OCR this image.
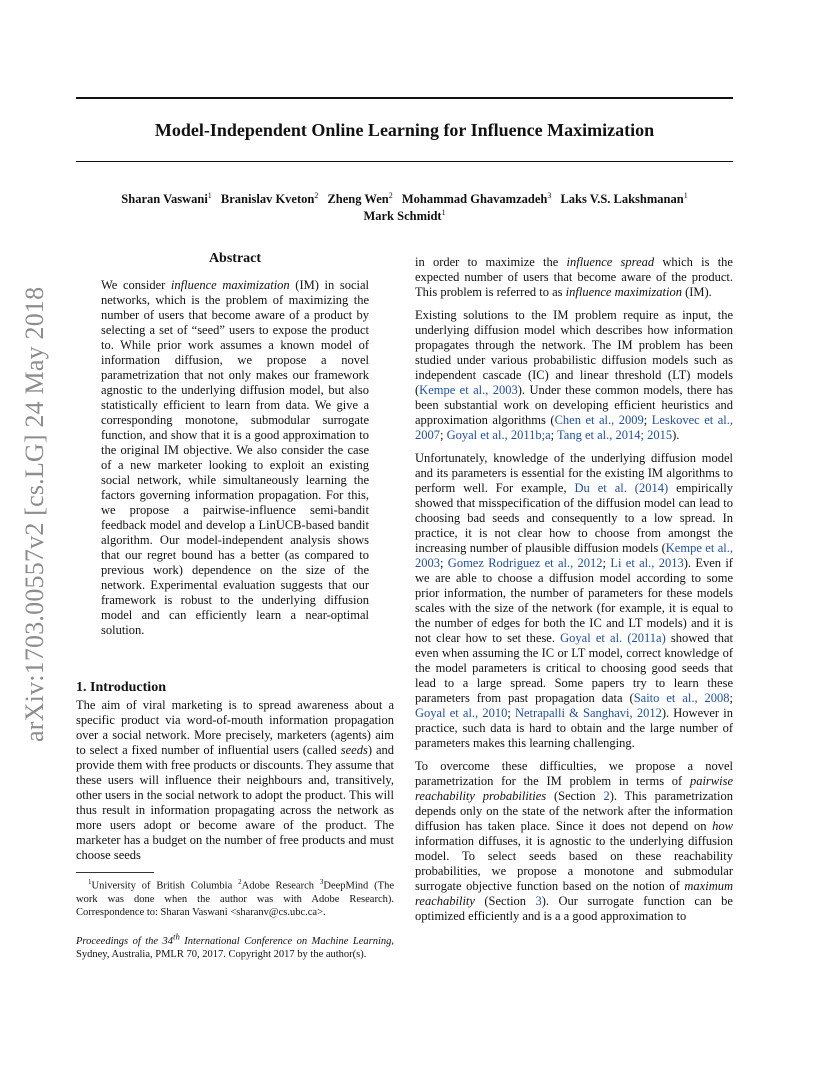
arXiv:1703.00557v2 [cs.LG] 24 May 2018
Model-Independent Online Learning for Influence Maximization
Sharan Vaswani$^1$ Branislav Kveton$^2$ Zheng Wen$^2$ Mohammad Ghavamzadeh$^3$ Laks V.S. Lakshmanan$^1$
Mark Schmidt$^1$
Abstract
We consider influence maximization (IM) in social networks, which is the problem of maximizing the number of users that become aware of a product by selecting a set of “seed” users to expose the product to. While prior work assumes a known model of information diffusion, we propose a novel parametrization that not only makes our framework agnostic to the underlying diffusion model, but also statistically efficient to learn from data. We give a corresponding monotone, submodular surrogate function, and show that it is a good approximation to the original IM objective. We also consider the case of a new marketer looking to exploit an existing social network, while simultaneously learning the factors governing information propagation. For this, we propose a pairwise-influence semi-bandit feedback model and develop a LinUCB-based bandit algorithm. Our model-independent analysis shows that our regret bound has a better (as compared to previous work) dependence on the size of the network. Experimental evaluation suggests that our framework is robust to the underlying diffusion model and can efficiently learn a near-optimal solution.
1. Introduction
The aim of viral marketing is to spread awareness about a specific product via word-of-mouth information propagation over a social network. More precisely, marketers (agents) aim to select a fixed number of influential users (called seeds) and provide them with free products or discounts. They assume that these users will influence their neighbours and, transitively, other users in the social network to adopt the product. This will thus result in information propagating across the network as more users adopt or become aware of the product. The marketer has a budget on the number of free products and must choose seeds
$^1$University of British Columbia $^2$Adobe Research $^3$DeepMind (The work was done when the author was with Adobe Research). Correspondence to: Sharan Vaswani <sharanv@cs.ubc.ca>.
Proceedings of the 34th International Conference on Machine Learning, Sydney, Australia, PMLR 70, 2017. Copyright 2017 by the author(s).

in order to maximize the influence spread which is the expected number of users that become aware of the product. This problem is referred to as influence maximization (IM).

Existing solutions to the IM problem require as input, the underlying diffusion model which describes how information propagates through the network. The IM problem has been studied under various probabilistic diffusion models such as independent cascade (IC) and linear threshold (LT) models (Kempe et al., 2003). Under these common models, there has been substantial work on developing efficient heuristics and approximation algorithms (Chen et al., 2009; Leskovec et al., 2007; Goyal et al., 2011b;a; Tang et al., 2014; 2015).

Unfortunately, knowledge of the underlying diffusion model and its parameters is essential for the existing IM algorithms to perform well. For example, Du et al. (2014) empirically showed that misspecification of the diffusion model can lead to choosing bad seeds and consequently to a low spread. In practice, it is not clear how to choose from amongst the increasing number of plausible diffusion models (Kempe et al., 2003; Gomez Rodriguez et al., 2012; Li et al., 2013). Even if we are able to choose a diffusion model according to some prior information, the number of parameters for these models scales with the size of the network (for example, it is equal to the number of edges for both the IC and LT models) and it is not clear how to set these. Goyal et al. (2011a) showed that even when assuming the IC or LT model, correct knowledge of the model parameters is critical to choosing good seeds that lead to a large spread. Some papers try to learn these parameters from past propagation data (Saito et al., 2008; Goyal et al., 2010; Netrapalli & Sanghavi, 2012). However in practice, such data is hard to obtain and the large number of parameters makes this learning challenging.

To overcome these difficulties, we propose a novel parametrization for the IM problem in terms of pairwise reachability probabilities (Section 2). This parametrization depends only on the state of the network after the information diffusion has taken place. Since it does not depend on how information diffuses, it is agnostic to the underlying diffusion model. To select seeds based on these reachability probabilities, we propose a monotone and submodular surrogate objective function based on the notion of maximum reachability (Section 3). Our surrogate function can be optimized efficiently and is a a good approximation to
